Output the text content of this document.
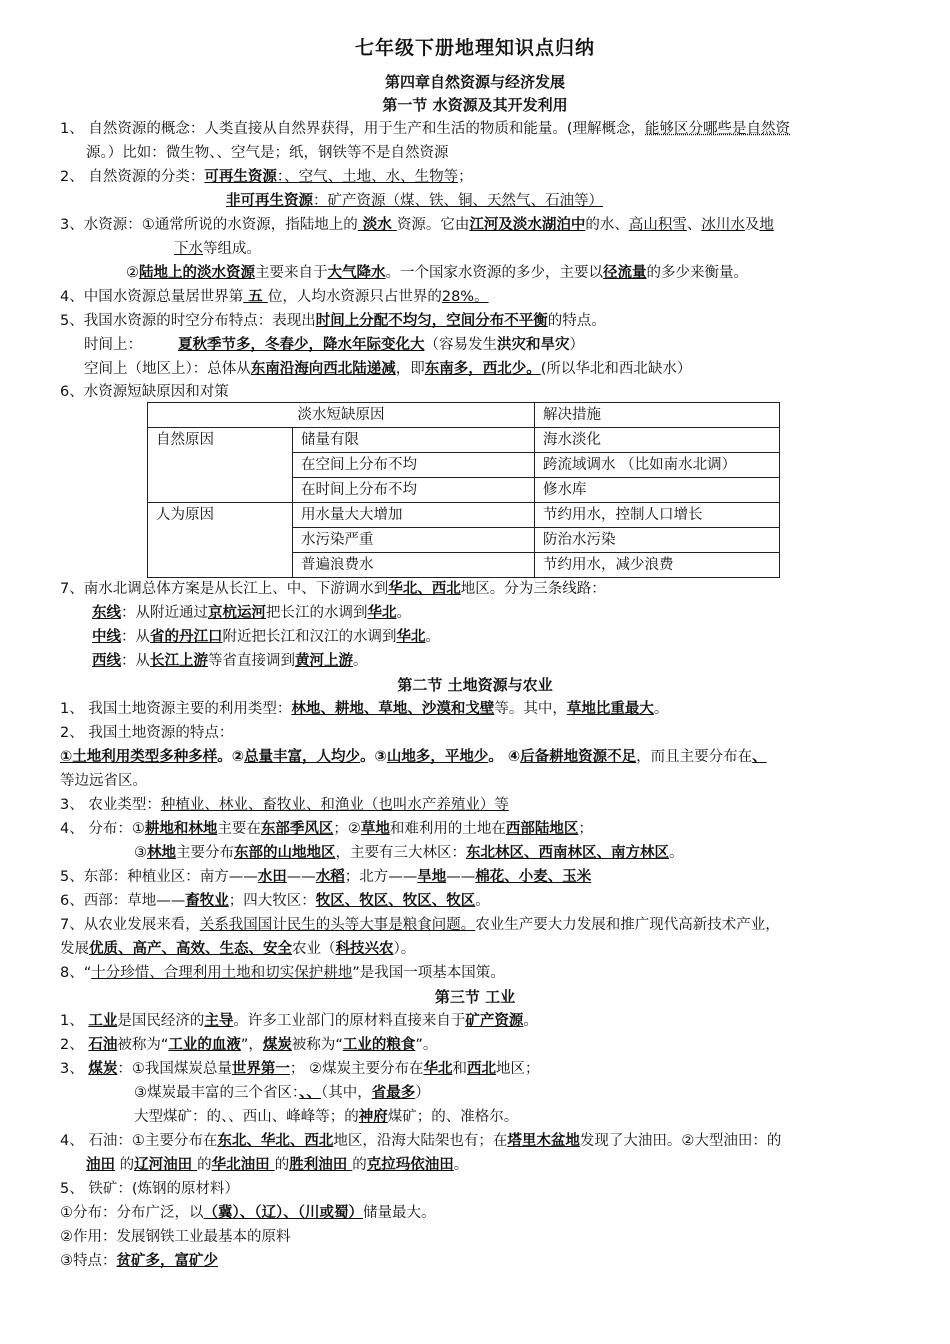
七年级下册地理知识点归纳
第四章自然资源与经济发展
第一节 水资源及其开发利用
1、 自然资源的概念：人类直接从自然界获得，用于生产和生活的物质和能量。(理解概念，能够区分哪些是自然资
源。）比如：微生物、、空气是；纸，钢铁等不是自然资源
2、 自然资源的分类：可再生资源：、空气、土地、水、生物等；
非可再生资源：矿产资源（煤、铁、铜、天然气、石油等）
3、水资源：①通常所说的水资源，指陆地上的 淡水 资源。它由江河及淡水湖泊中的水、高山积雪、冰川水及地
下水等组成。
②陆地上的淡水资源主要来自于大气降水。一个国家水资源的多少，主要以径流量的多少来衡量。
4、中国水资源总量居世界第 五 位，人均水资源只占世界的28%。
5、我国水资源的时空分布特点：表现出时间上分配不均匀，空间分布不平衡的特点。
时间上： 夏秋季节多，冬春少，降水年际变化大（容易发生洪灾和旱灾）
空间上（地区上）：总体从东南沿海向西北陆递减，即东南多，西北少。(所以华北和西北缺水）
6、水资源短缺原因和对策
淡水短缺原因		解决措施
自然原因	储量有限	海水淡化
	在空间上分布不均	跨流域调水 （比如南水北调）
	在时间上分布不均	修水库
人为原因	用水量大大增加	节约用水，控制人口增长
	水污染严重	防治水污染
	普遍浪费水	节约用水，减少浪费
7、南水北调总体方案是从长江上、中、下游调水到华北、西北地区。分为三条线路：
东线：从附近通过京杭运河把长江的水调到华北。
中线：从省的丹江口附近把长江和汉江的水调到华北。
西线：从长江上游等省直接调到黄河上游。
第二节 土地资源与农业
1、 我国土地资源主要的利用类型：林地、耕地、草地、沙漠和戈壁等。其中，草地比重最大。
2、 我国土地资源的特点：
①土地利用类型多种多样。②总量丰富，人均少。③山地多，平地少。 ④后备耕地资源不足，而且主要分布在、
等边远省区。
3、 农业类型：种植业、林业、畜牧业、和渔业（也叫水产养殖业）等
4、 分布：①耕地和林地主要在东部季风区；②草地和难利用的土地在西部陆地区；
③林地主要分布东部的山地地区，主要有三大林区：东北林区、西南林区、南方林区。
5、东部：种植业区：南方——水田——水稻；北方——旱地——棉花、小麦、玉米
6、西部：草地——畜牧业；四大牧区：牧区、牧区、牧区、牧区。
7、从农业发展来看，关系我国国计民生的头等大事是粮食问题。农业生产要大力发展和推广现代高新技术产业，
发展优质、高产、高效、生态、安全农业（科技兴农）。
8、“十分珍惜、合理利用土地和切实保护耕地”是我国一项基本国策。
第三节 工业
1、 工业是国民经济的主导。许多工业部门的原材料直接来自于矿产资源。
2、 石油被称为“工业的血液”，煤炭被称为“工业的粮食”。
3、 煤炭：①我国煤炭总量世界第一； ②煤炭主要分布在华北和西北地区；
③煤炭最丰富的三个省区：、、（其中，省最多）
大型煤矿：的、、西山、峰峰等；的神府煤矿；的、准格尔。
4、 石油：①主要分布在东北、华北、西北地区，沿海大陆架也有；在塔里木盆地发现了大油田。②大型油田：的
油田 的辽河油田 的华北油田 的胜利油田 的克拉玛依油田。
5、 铁矿：(炼钢的原材料）
①分布：分布广泛，以（冀）、（辽）、（川或蜀）储量最大。
②作用：发展钢铁工业最基本的原料
③特点：贫矿多，富矿少
